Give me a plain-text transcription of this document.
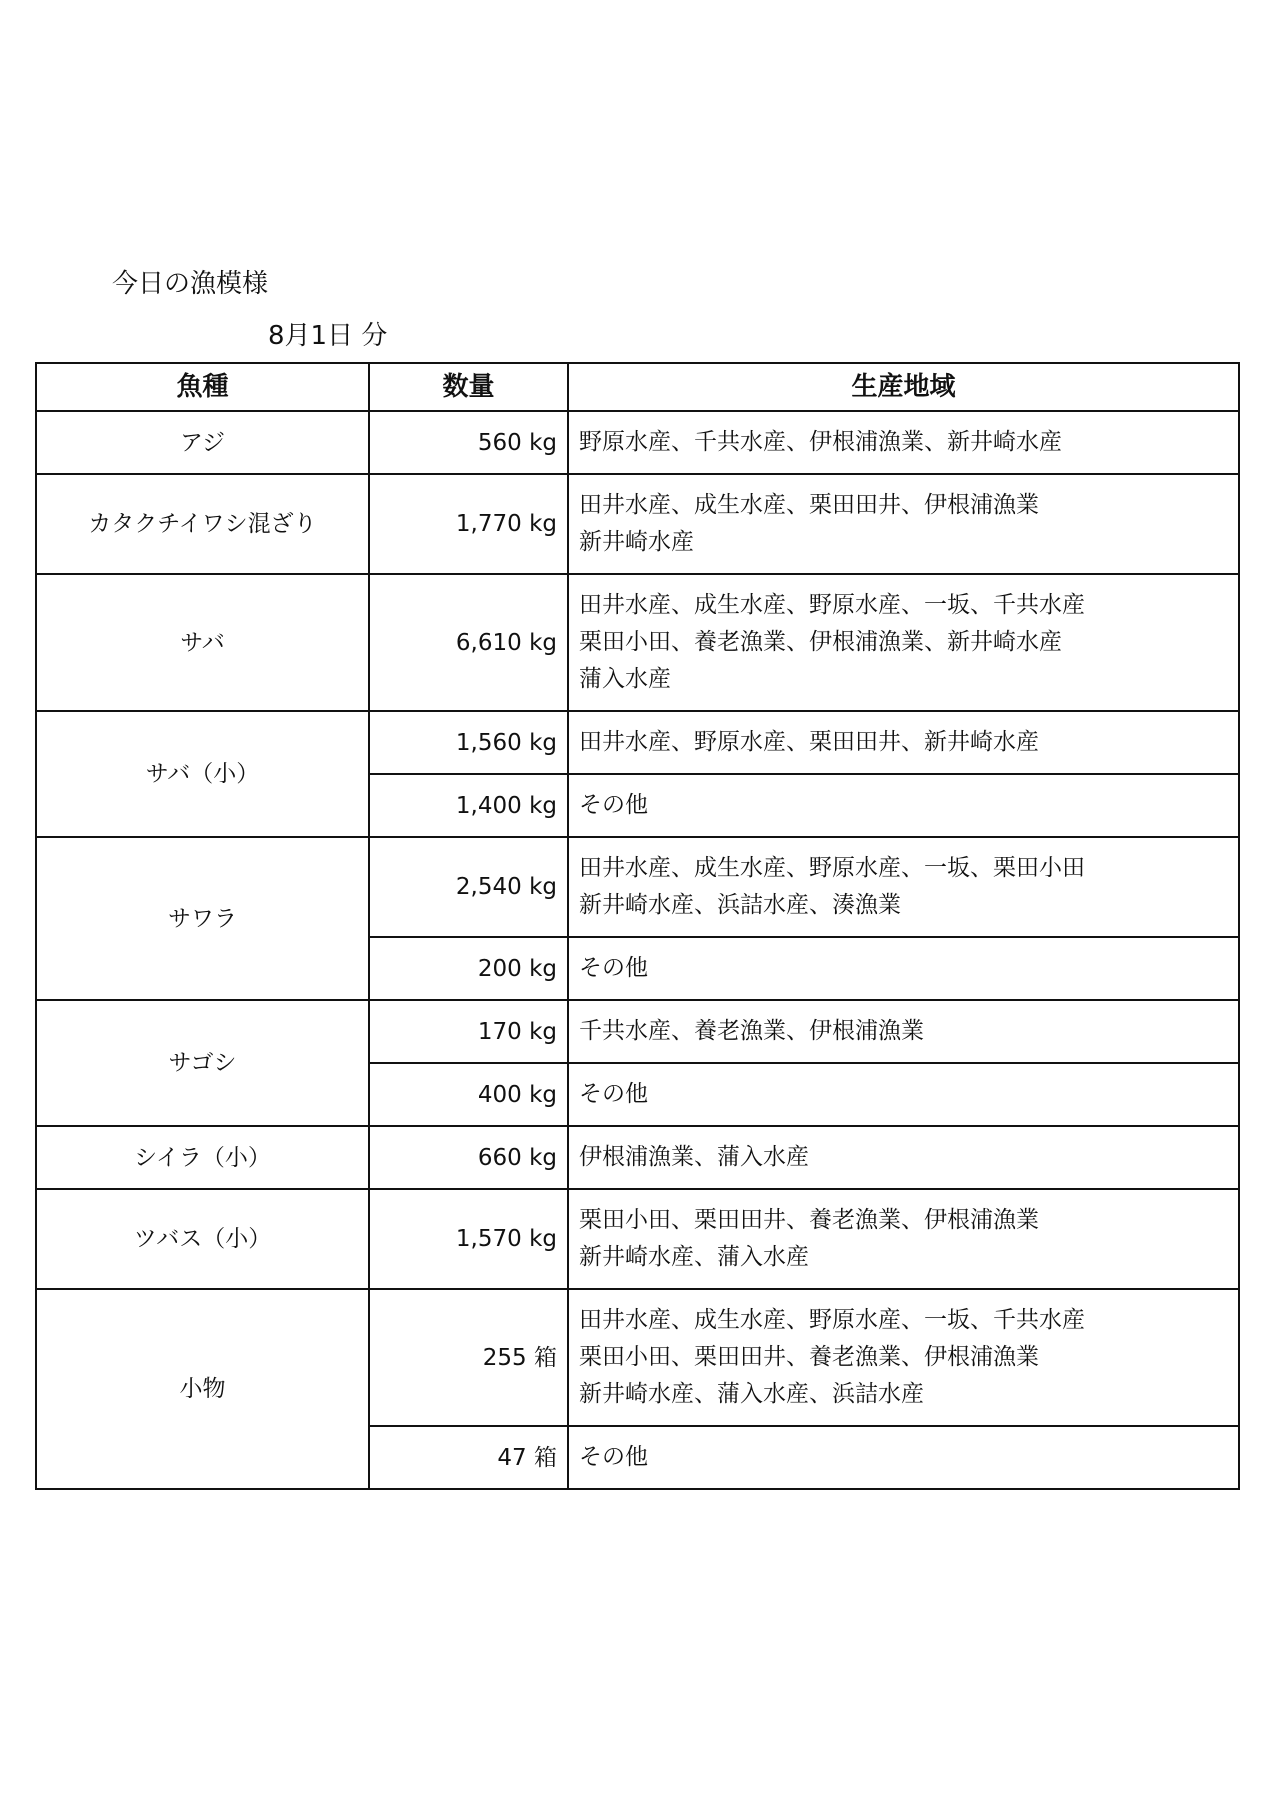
今日の漁模様
8月1日 分
魚種	数量	生産地域
アジ	560 kg	野原水産、千共水産、伊根浦漁業、新井崎水産

カタクチイワシ混ざり	1,770 kg	田井水産、成生水産、栗田田井、伊根浦漁業
新井崎水産

サバ	6,610 kg	田井水産、成生水産、野原水産、一坂、千共水産
栗田小田、養老漁業、伊根浦漁業、新井崎水産
蒲入水産

サバ（小）	1,560 kg	田井水産、野原水産、栗田田井、新井崎水産

	1,400 kg	その他

サワラ	2,540 kg	田井水産、成生水産、野原水産、一坂、栗田小田
新井崎水産、浜詰水産、湊漁業

	200 kg	その他

サゴシ	170 kg	千共水産、養老漁業、伊根浦漁業

	400 kg	その他

シイラ（小）	660 kg	伊根浦漁業、蒲入水産

ツバス（小）	1,570 kg	栗田小田、栗田田井、養老漁業、伊根浦漁業
新井崎水産、蒲入水産

小物	255 箱	田井水産、成生水産、野原水産、一坂、千共水産
栗田小田、栗田田井、養老漁業、伊根浦漁業
新井崎水産、蒲入水産、浜詰水産

	47 箱	その他
